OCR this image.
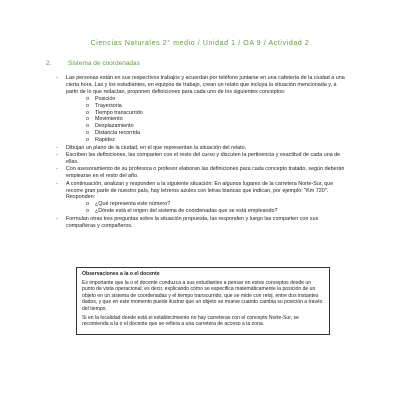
Ciencias Naturales 2° medio / Unidad 1 / OA 9 / Actividad 2
2.	Sistema de coordenadas
- Las personas están en sus respectivos trabajos y acuerdan por teléfono juntarse en una cafetería de la ciudad a una cierta hora. Las y los estudiantes, en equipos de trabajo, crean un relato que incluya la situación mencionada y, a partir de lo que redactan, proponen definiciones para cada uno de los siguientes conceptos:
o Posición
o Trayectoria
o Tiempo transcurrido
o Movimiento
o Desplazamiento
o Distancia recorrida
o Rapidez
- Dibujan un plano de la ciudad, en el que representan la situación del relato.
- Escriben las definiciones, las comparten con el resto del curso y discuten la pertinencia y exactitud de cada una de ellas.
- Con asesoramiento de su profesora o profesor elaboran las definiciones para cada concepto tratado, según deberán emplearse en el resto del año.
- A continuación, analizan y responden a la siguiente situación: En algunos lugares de la carretera Norte-Sur, que recorre gran parte de nuestro país, hay letreros azules con letras blancas que indican, por ejemplo: "Km 720". Responden:
o ¿Qué representa este número?
o ¿Dónde está el origen del sistema de coordenadas que se está empleando?
- Formulan otras tres preguntas sobre la situación propuesta, las responden y luego las comparten con sus compañeras y compañeros.
Observaciones a la o el docente

Es importante que la o el docente conduzca a sus estudiantes a pensar en estos conceptos desde un punto de vista operacional; es decir, explicando cómo se especifica matemáticamente la posición de un objeto en un sistema de coordenadas y el tiempo transcurrido, que se mide con reloj, entre dos instantes dados, y que en este momento puede ilustrar que un objeto se mueve cuando cambia su posición a través del tiempo.

Si en la localidad donde está el establecimiento no hay carreteras con el concepto Norte-Sur, se recomienda a la o el docente que se refiera a una carretera de acceso a la zona.
